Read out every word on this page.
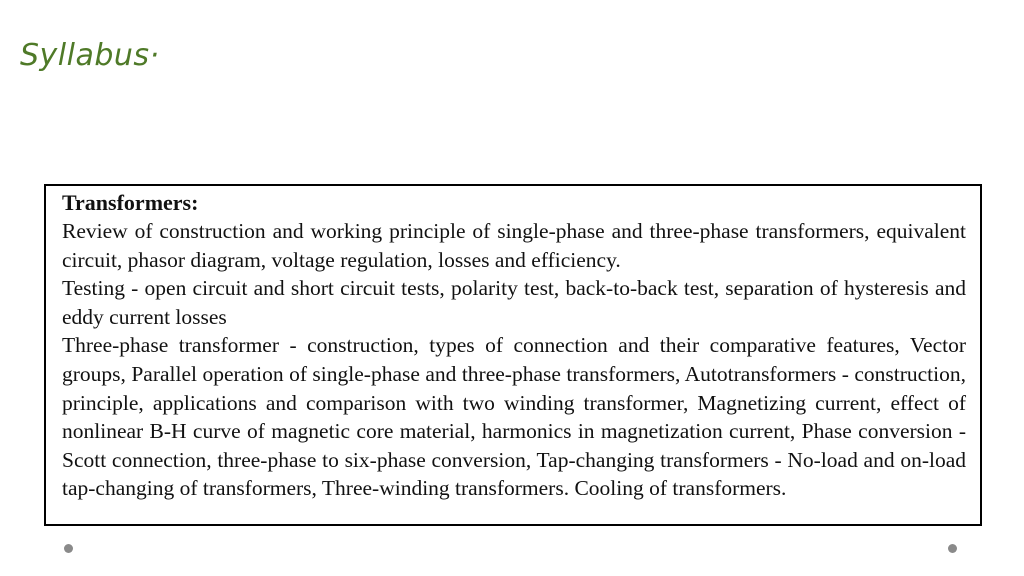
Syllabus·

Transformers:

Review of construction and working principle of single-phase and three-phase transformers, equivalent circuit, phasor diagram, voltage regulation, losses and efficiency.

Testing - open circuit and short circuit tests, polarity test, back-to-back test, separation of hysteresis and eddy current losses

Three-phase transformer - construction, types of connection and their comparative features, Vector groups, Parallel operation of single-phase and three-phase transformers, Autotransformers - construction, principle, applications and comparison with two winding transformer, Magnetizing current, effect of nonlinear B-H curve of magnetic core material, harmonics in magnetization current, Phase conversion - Scott connection, three-phase to six-phase conversion, Tap-changing transformers - No-load and on-load tap-changing of transformers, Three-winding transformers. Cooling of transformers.
